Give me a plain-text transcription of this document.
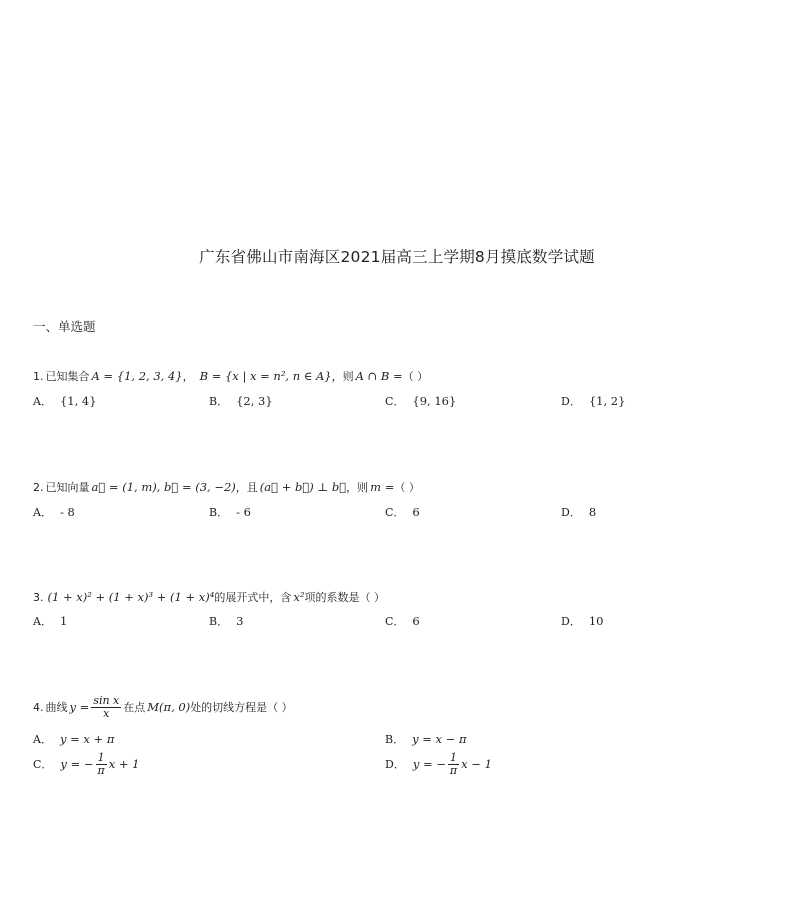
广东省佛山市南海区2021届高三上学期8月摸底数学试题
一、单选题
1. 已知集合 A = {1, 2, 3, 4} ， B = {x | x = n², n ∈ A} ，则 A ∩ B = （ ）
A． {1, 4}	B． {2, 3}	C． {9, 16}	D． {1, 2}
2. 已知向量 a⃗ = (1, m), b⃗ = (3, −2) ，且 (a⃗ + b⃗) ⊥ b⃗ ，则 m = （ ）
A． - 8	B． - 6	C． 6	D． 8
3. (1 + x)² + (1 + x)³ + (1 + x)⁴ 的展开式中，含 x² 项的系数是（ ）
A． 1	B． 3	C． 6	D． 10
4. 曲线 $y = \frac{\text{sin x}}{x}$ 在点 M(π, 0) 处的切线方程是（ ）
A． y = x + π	B． y = x − π
C． y = − $\frac{1}{\pi}$ x + 1	D． y = − $\frac{1}{\pi}$ x − 1
